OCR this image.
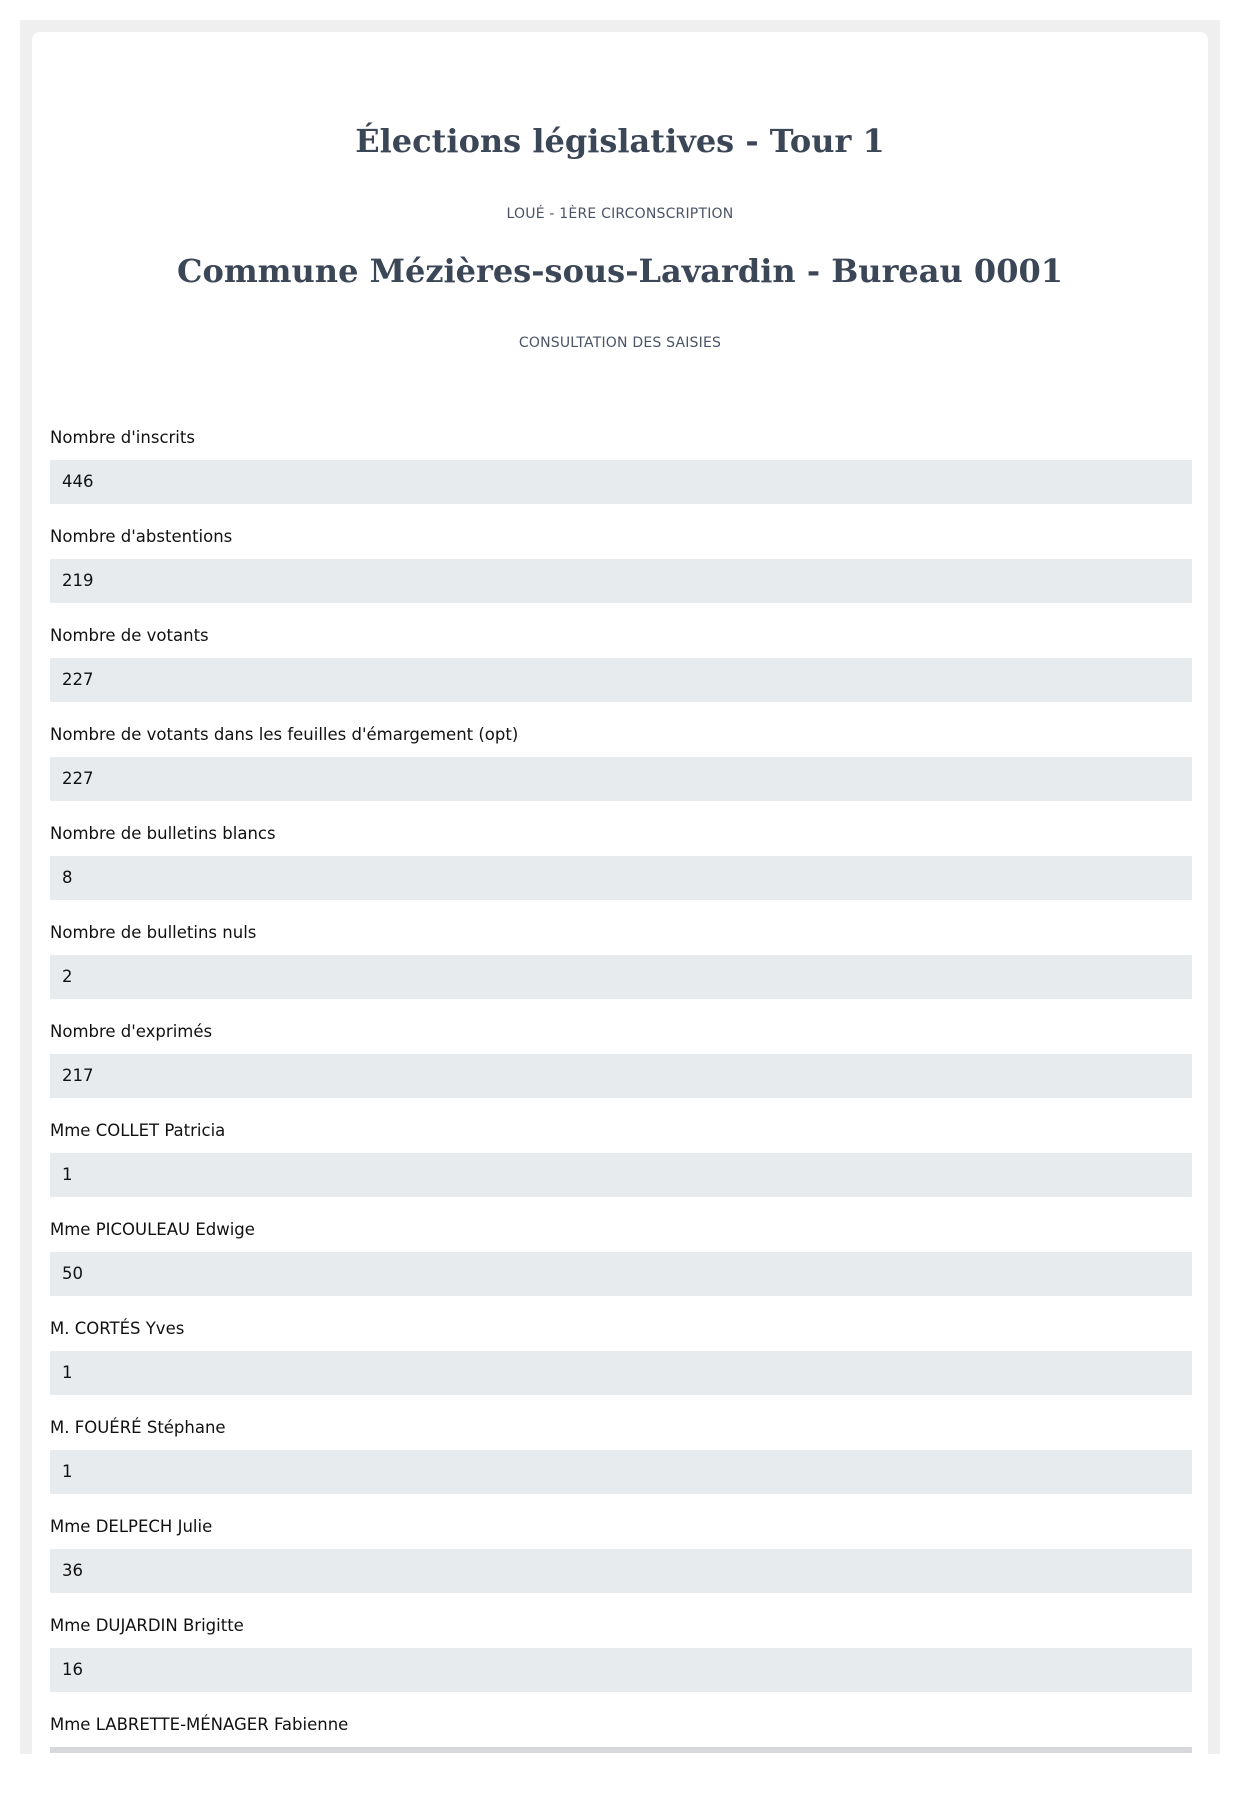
Élections législatives - Tour 1
LOUÉ - 1ÈRE CIRCONSCRIPTION
Commune Mézières-sous-Lavardin - Bureau 0001
CONSULTATION DES SAISIES
Nombre d'inscrits
446
Nombre d'abstentions
219
Nombre de votants
227
Nombre de votants dans les feuilles d'émargement (opt)
227
Nombre de bulletins blancs
8
Nombre de bulletins nuls
2
Nombre d'exprimés
217
Mme COLLET Patricia
1
Mme PICOULEAU Edwige
50
M. CORTÉS Yves
1
M. FOUÉRÉ Stéphane
1
Mme DELPECH Julie
36
Mme DUJARDIN Brigitte
16
Mme LABRETTE-MÉNAGER Fabienne
